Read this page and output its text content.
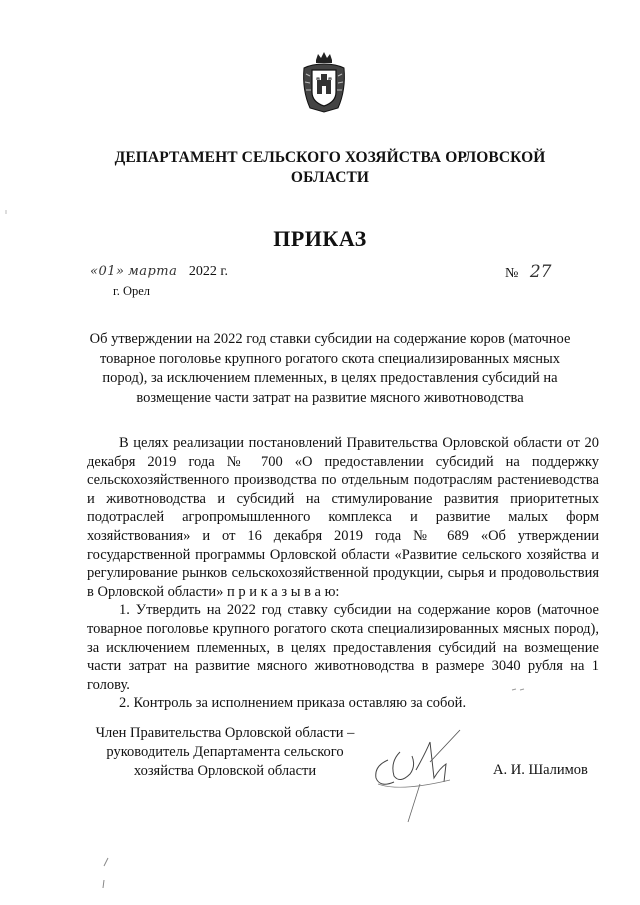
ДЕПАРТАМЕНТ СЕЛЬСКОГО ХОЗЯЙСТВА ОРЛОВСКОЙ
ОБЛАСТИ
ПРИКАЗ
«01» марта 2022 г.
г. Орел
№ 27
Об утверждении на 2022 год ставки субсидии на содержание коров (маточное
товарное поголовье крупного рогатого скота специализированных мясных
пород), за исключением племенных, в целях предоставления субсидий на
возмещение части затрат на развитие мясного животноводства

В целях реализации постановлений Правительства Орловской области от 20 декабря 2019 года № 700 «О предоставлении субсидий на поддержку сельскохозяйственного производства по отдельным подотраслям растениеводства и животноводства и субсидий на стимулирование развития приоритетных подотраслей агропромышленного комплекса и развитие малых форм хозяйствования» и от 16 декабря 2019 года № 689 «Об утверждении государственной программы Орловской области «Развитие сельского хозяйства и регулирование рынков сельскохозяйственной продукции, сырья и продовольствия в Орловской области» п р и к а з ы в а ю:

1. Утвердить на 2022 год ставку субсидии на содержание коров (маточное товарное поголовье крупного рогатого скота специализированных мясных пород), за исключением племенных, в целях предоставления субсидий на возмещение части затрат на развитие мясного животноводства в размере 3040 рубля на 1 голову.

2. Контроль за исполнением приказа оставляю за собой.

Член Правительства Орловской области –
руководитель Департамента сельского
хозяйства Орловской области	А. И. Шалимов
